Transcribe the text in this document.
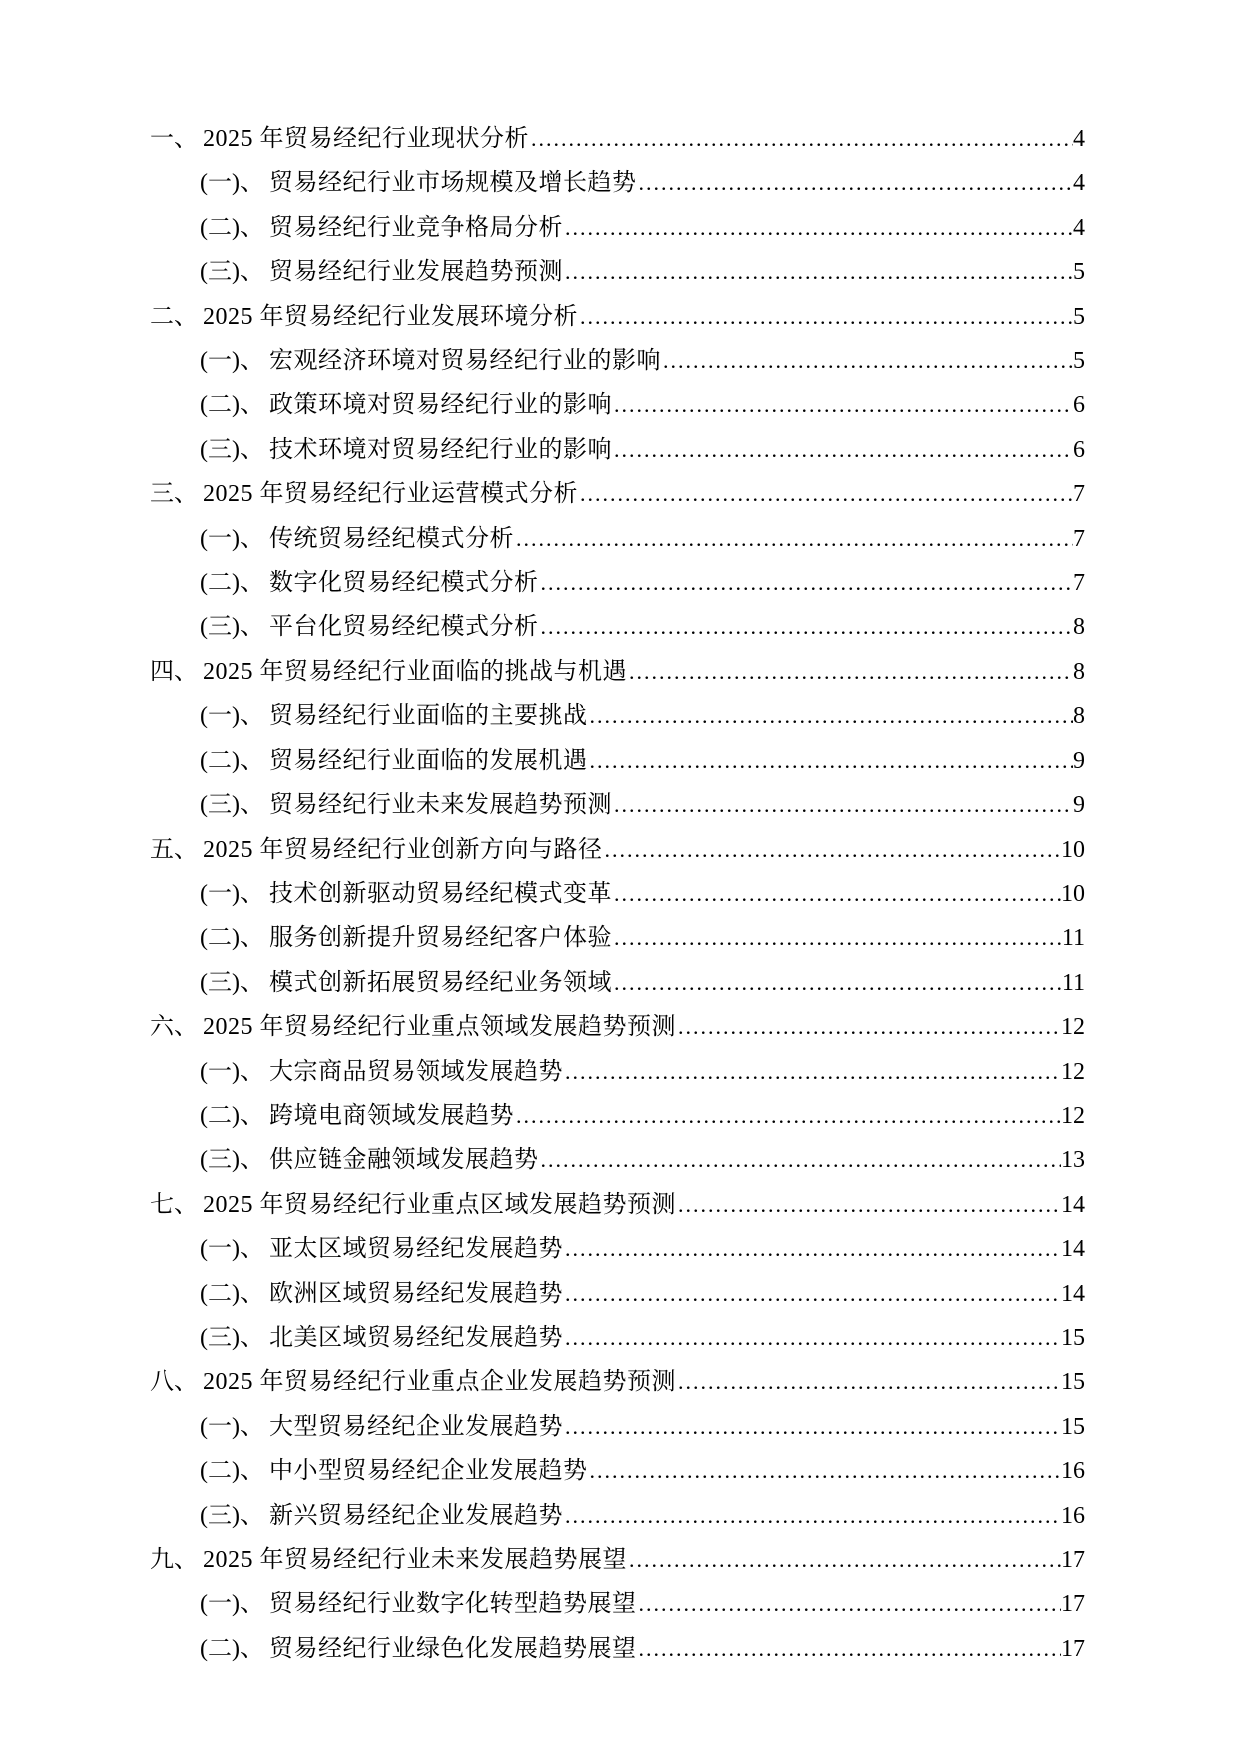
一、 2025 年贸易经纪行业现状分析 .....	4
(一)、 贸易经纪行业市场规模及增长趋势 .....	4
(二)、 贸易经纪行业竞争格局分析 .....	4
(三)、 贸易经纪行业发展趋势预测 .....	5
二、 2025 年贸易经纪行业发展环境分析 .....	5
(一)、 宏观经济环境对贸易经纪行业的影响 .....	5
(二)、 政策环境对贸易经纪行业的影响 .....	6
(三)、 技术环境对贸易经纪行业的影响 .....	6
三、 2025 年贸易经纪行业运营模式分析 .....	7
(一)、 传统贸易经纪模式分析 .....	7
(二)、 数字化贸易经纪模式分析 .....	7
(三)、 平台化贸易经纪模式分析 .....	8
四、 2025 年贸易经纪行业面临的挑战与机遇 .....	8
(一)、 贸易经纪行业面临的主要挑战 .....	8
(二)、 贸易经纪行业面临的发展机遇 .....	9
(三)、 贸易经纪行业未来发展趋势预测 .....	9
五、 2025 年贸易经纪行业创新方向与路径 .....	10
(一)、 技术创新驱动贸易经纪模式变革 .....	10
(二)、 服务创新提升贸易经纪客户体验 .....	11
(三)、 模式创新拓展贸易经纪业务领域 .....	11
六、 2025 年贸易经纪行业重点领域发展趋势预测 .....	12
(一)、 大宗商品贸易领域发展趋势 .....	12
(二)、 跨境电商领域发展趋势 .....	12
(三)、 供应链金融领域发展趋势 .....	13
七、 2025 年贸易经纪行业重点区域发展趋势预测 .....	14
(一)、 亚太区域贸易经纪发展趋势 .....	14
(二)、 欧洲区域贸易经纪发展趋势 .....	14
(三)、 北美区域贸易经纪发展趋势 .....	15
八、 2025 年贸易经纪行业重点企业发展趋势预测 .....	15
(一)、 大型贸易经纪企业发展趋势 .....	15
(二)、 中小型贸易经纪企业发展趋势 .....	16
(三)、 新兴贸易经纪企业发展趋势 .....	16
九、 2025 年贸易经纪行业未来发展趋势展望 .....	17
(一)、 贸易经纪行业数字化转型趋势展望 .....	17
(二)、 贸易经纪行业绿色化发展趋势展望 .....	17
